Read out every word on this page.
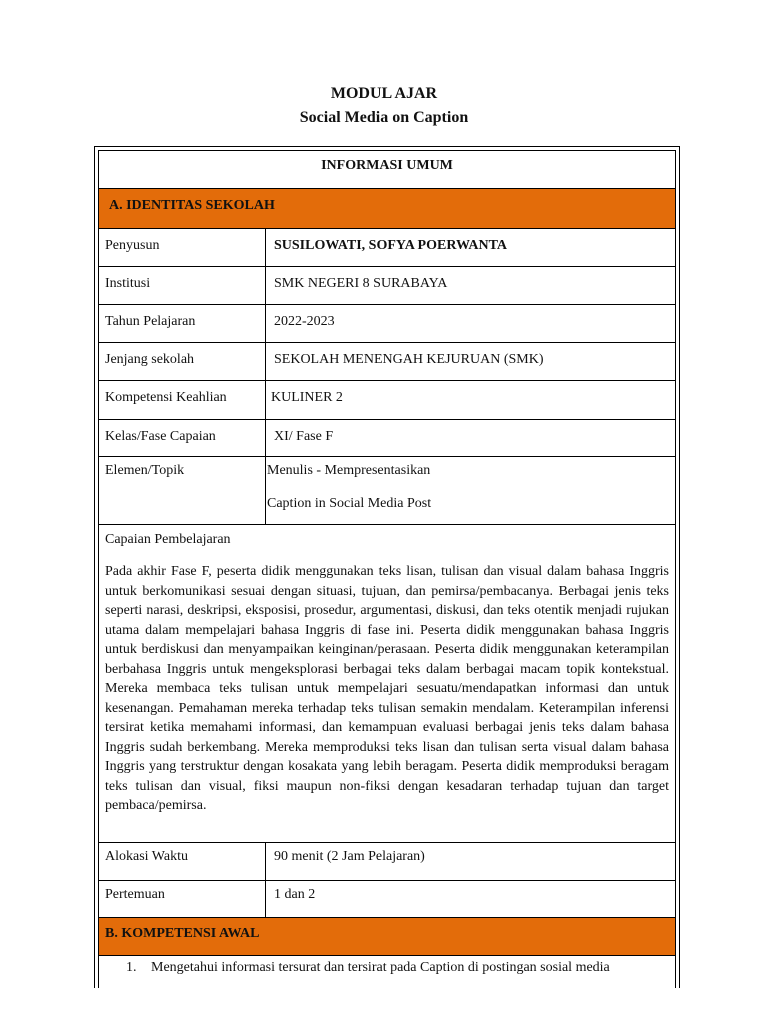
MODUL AJAR
Social Media on Caption
INFORMASI UMUM
A. IDENTITAS SEKOLAH
Penyusun	SUSILOWATI, SOFYA POERWANTA
Institusi	SMK NEGERI 8 SURABAYA
Tahun Pelajaran	2022-2023
Jenjang sekolah	SEKOLAH MENENGAH KEJURUAN (SMK)
Kompetensi Keahlian	KULINER 2
Kelas/Fase Capaian	XI/ Fase F
Elemen/Topik	Menulis - Mempresentasikan
Caption in Social Media Post
Capaian Pembelajaran
Pada akhir Fase F, peserta didik menggunakan teks lisan, tulisan dan visual dalam bahasa Inggris untuk berkomunikasi sesuai dengan situasi, tujuan, dan pemirsa/pembacanya. Berbagai jenis teks seperti narasi, deskripsi, eksposisi, prosedur, argumentasi, diskusi, dan teks otentik menjadi rujukan utama dalam mempelajari bahasa Inggris di fase ini. Peserta didik menggunakan bahasa Inggris untuk berdiskusi dan menyampaikan keinginan/perasaan. Peserta didik menggunakan keterampilan berbahasa Inggris untuk mengeksplorasi berbagai teks dalam berbagai macam topik kontekstual. Mereka membaca teks tulisan untuk mempelajari sesuatu/mendapatkan informasi dan untuk kesenangan. Pemahaman mereka terhadap teks tulisan semakin mendalam. Keterampilan inferensi tersirat ketika memahami informasi, dan kemampuan evaluasi berbagai jenis teks dalam bahasa Inggris sudah berkembang. Mereka memproduksi teks lisan dan tulisan serta visual dalam bahasa Inggris yang terstruktur dengan kosakata yang lebih beragam. Peserta didik memproduksi beragam teks tulisan dan visual, fiksi maupun non-fiksi dengan kesadaran terhadap tujuan dan target pembaca/pemirsa.
Alokasi Waktu	90 menit (2 Jam Pelajaran)
Pertemuan	1 dan 2
B. KOMPETENSI AWAL
1. Mengetahui informasi tersurat dan tersirat pada Caption di postingan sosial media
